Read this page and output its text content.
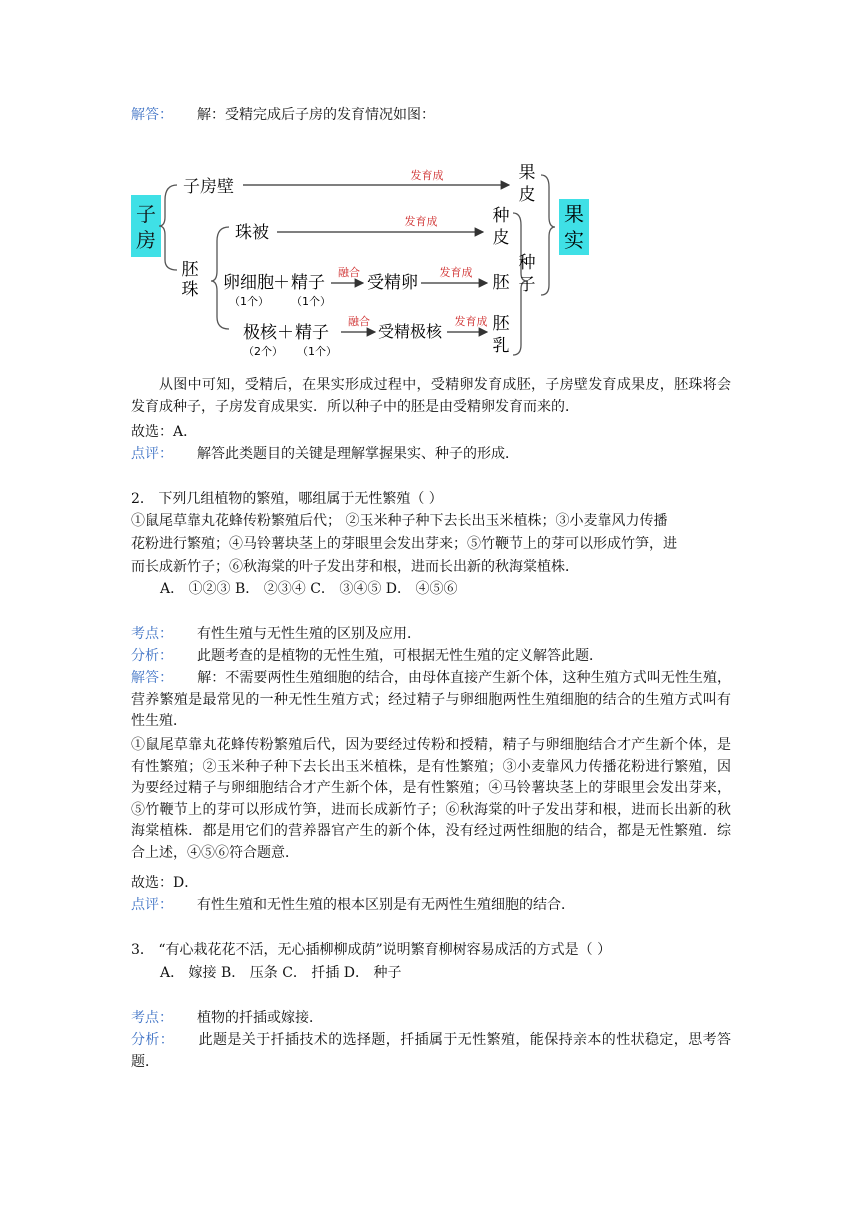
解答： 解：受精完成后子房的发育情况如图：
子
房
子房壁
发育成	果
皮
胚
珠
珠被
发育成	种
皮
卵细胞 ＋ 精子
（1个） （1个）
融合
受精卵
发育成
胚
极核 ＋ 精子
（2个） （1个）
融合
受精极核
发育成 胚
乳
种
子
果
实
从图中可知，受精后，在果实形成过程中，受精卵发育成胚，子房壁发育成果皮，胚珠将会发育成种子，子房发育成果实．所以种子中的胚是由受精卵发育而来的．
故选：A．
点评： 解答此类题目的关键是理解掌握果实、种子的形成．
2． 下列几组植物的繁殖，哪组属于无性繁殖（ ）
①鼠尾草靠丸花蜂传粉繁殖后代； ②玉米种子种下去长出玉米植株；③小麦靠风力传播
花粉进行繁殖；④马铃薯块茎上的芽眼里会发出芽来；⑤竹鞭节上的芽可以形成竹笋，进
而长成新竹子；⑥秋海棠的叶子发出芽和根，进而长出新的秋海棠植株．
A． ①②③ B． ②③④ C． ③④⑤ D． ④⑤⑥
考点： 有性生殖与无性生殖的区别及应用．
分析： 此题考查的是植物的无性生殖，可根据无性生殖的定义解答此题．
解答： 解：不需要两性生殖细胞的结合，由母体直接产生新个体，这种生殖方式叫无性生殖，营养繁殖是最常见的一种无性生殖方式；经过精子与卵细胞两性生殖细胞的结合的生殖方式叫有性生殖．
①鼠尾草靠丸花蜂传粉繁殖后代，因为要经过传粉和授精，精子与卵细胞结合才产生新个体，是有性繁殖；②玉米种子种下去长出玉米植株，是有性繁殖；③小麦靠风力传播花粉进行繁殖，因为要经过精子与卵细胞结合才产生新个体，是有性繁殖；④马铃薯块茎上的芽眼里会发出芽来，⑤竹鞭节上的芽可以形成竹笋，进而长成新竹子；⑥秋海棠的叶子发出芽和根，进而长出新的秋海棠植株．都是用它们的营养器官产生的新个体，没有经过两性细胞的结合，都是无性繁殖．综合上述，④⑤⑥符合题意．
故选：D．
点评： 有性生殖和无性生殖的根本区别是有无两性生殖细胞的结合．
3． “有心栽花花不活，无心插柳柳成荫”说明繁育柳树容易成活的方式是（ ）
A． 嫁接 B． 压条 C． 扦插 D． 种子
考点： 植物的扦插或嫁接．
分析： 此题是关于扦插技术的选择题，扦插属于无性繁殖，能保持亲本的性状稳定，思考答题．
